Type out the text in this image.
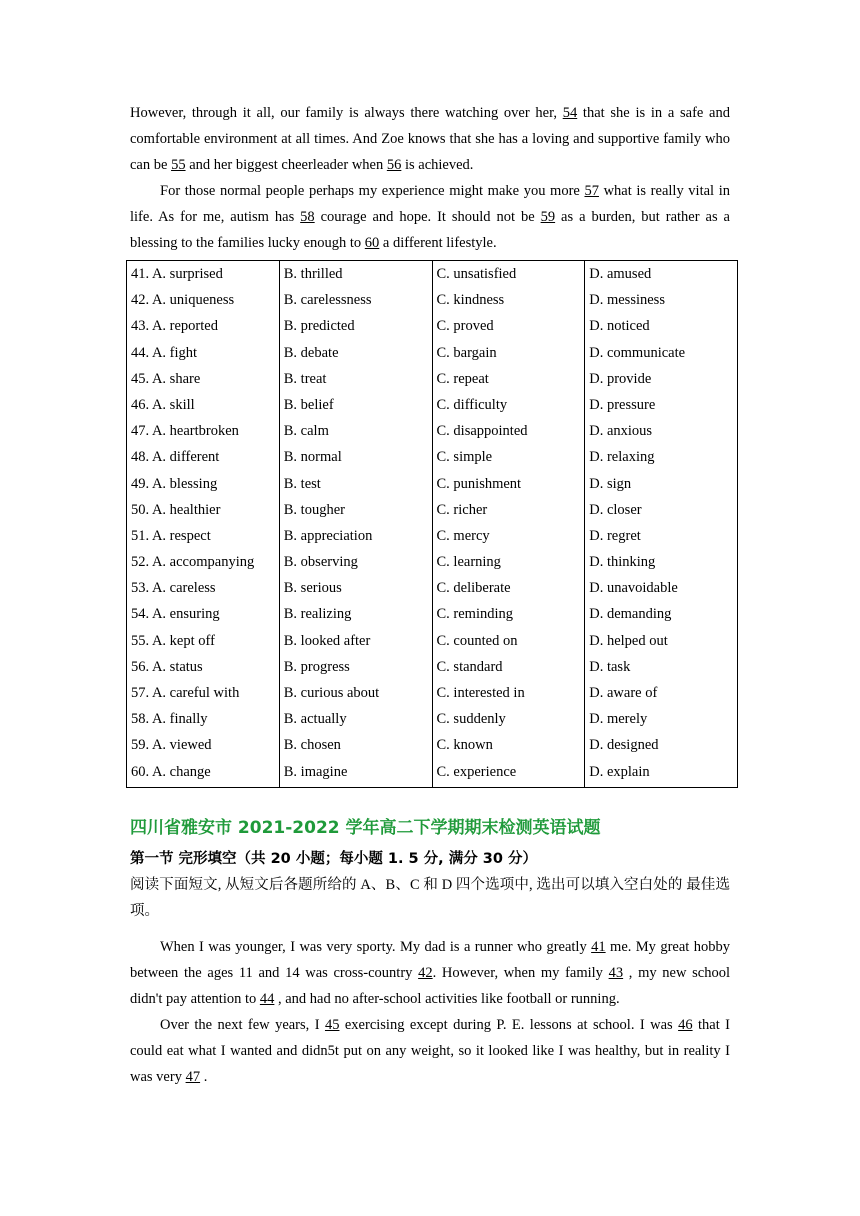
However, through it all, our family is always there watching over her, 54 that she is in a safe and comfortable environment at all times. And Zoe knows that she has a loving and supportive family who can be 55 and her biggest cheerleader when 56 is achieved.

For those normal people perhaps my experience might make you more 57 what is really vital in life. As for me, autism has 58 courage and hope. It should not be 59 as a burden, but rather as a blessing to the families lucky enough to 60 a different lifestyle.

41. A. surprised	B. thrilled	C. unsatisfied	D. amused
42. A. uniqueness	B. carelessness	C. kindness	D. messiness
43. A. reported	B. predicted	C. proved	D. noticed
44. A. fight	B. debate	C. bargain	D. communicate
45. A. share	B. treat	C. repeat	D. provide
46. A. skill	B. belief	C. difficulty	D. pressure
47. A. heartbroken	B. calm	C. disappointed	D. anxious
48. A. different	B. normal	C. simple	D. relaxing
49. A. blessing	B. test	C. punishment	D. sign
50. A. healthier	B. tougher	C. richer	D. closer
51. A. respect	B. appreciation	C. mercy	D. regret
52. A. accompanying	B. observing	C. learning	D. thinking
53. A. careless	B. serious	C. deliberate	D. unavoidable
54. A. ensuring	B. realizing	C. reminding	D. demanding
55. A. kept off	B. looked after	C. counted on	D. helped out
56. A. status	B. progress	C. standard	D. task
57. A. careful with	B. curious about	C. interested in	D. aware of
58. A. finally	B. actually	C. suddenly	D. merely
59. A. viewed	B. chosen	C. known	D. designed
60. A. change	B. imagine	C. experience	D. explain
四川省雅安市 2021-2022 学年高二下学期期末检测英语试题
第一节 完形填空（共 20 小题；每小题 1. 5 分, 满分 30 分）

阅读下面短文, 从短文后各题所给的 A、B、C 和 D 四个选项中, 选出可以填入空白处的 最佳选项。

When I was younger, I was very sporty. My dad is a runner who greatly 41 me. My great hobby between the ages 11 and 14 was cross-country 42. However, when my family 43 , my new school didn't pay attention to 44 , and had no after-school activities like football or running.

Over the next few years, I 45 exercising except during P. E. lessons at school. I was 46 that I could eat what I wanted and didn5t put on any weight, so it looked like I was healthy, but in reality I was very 47 .
